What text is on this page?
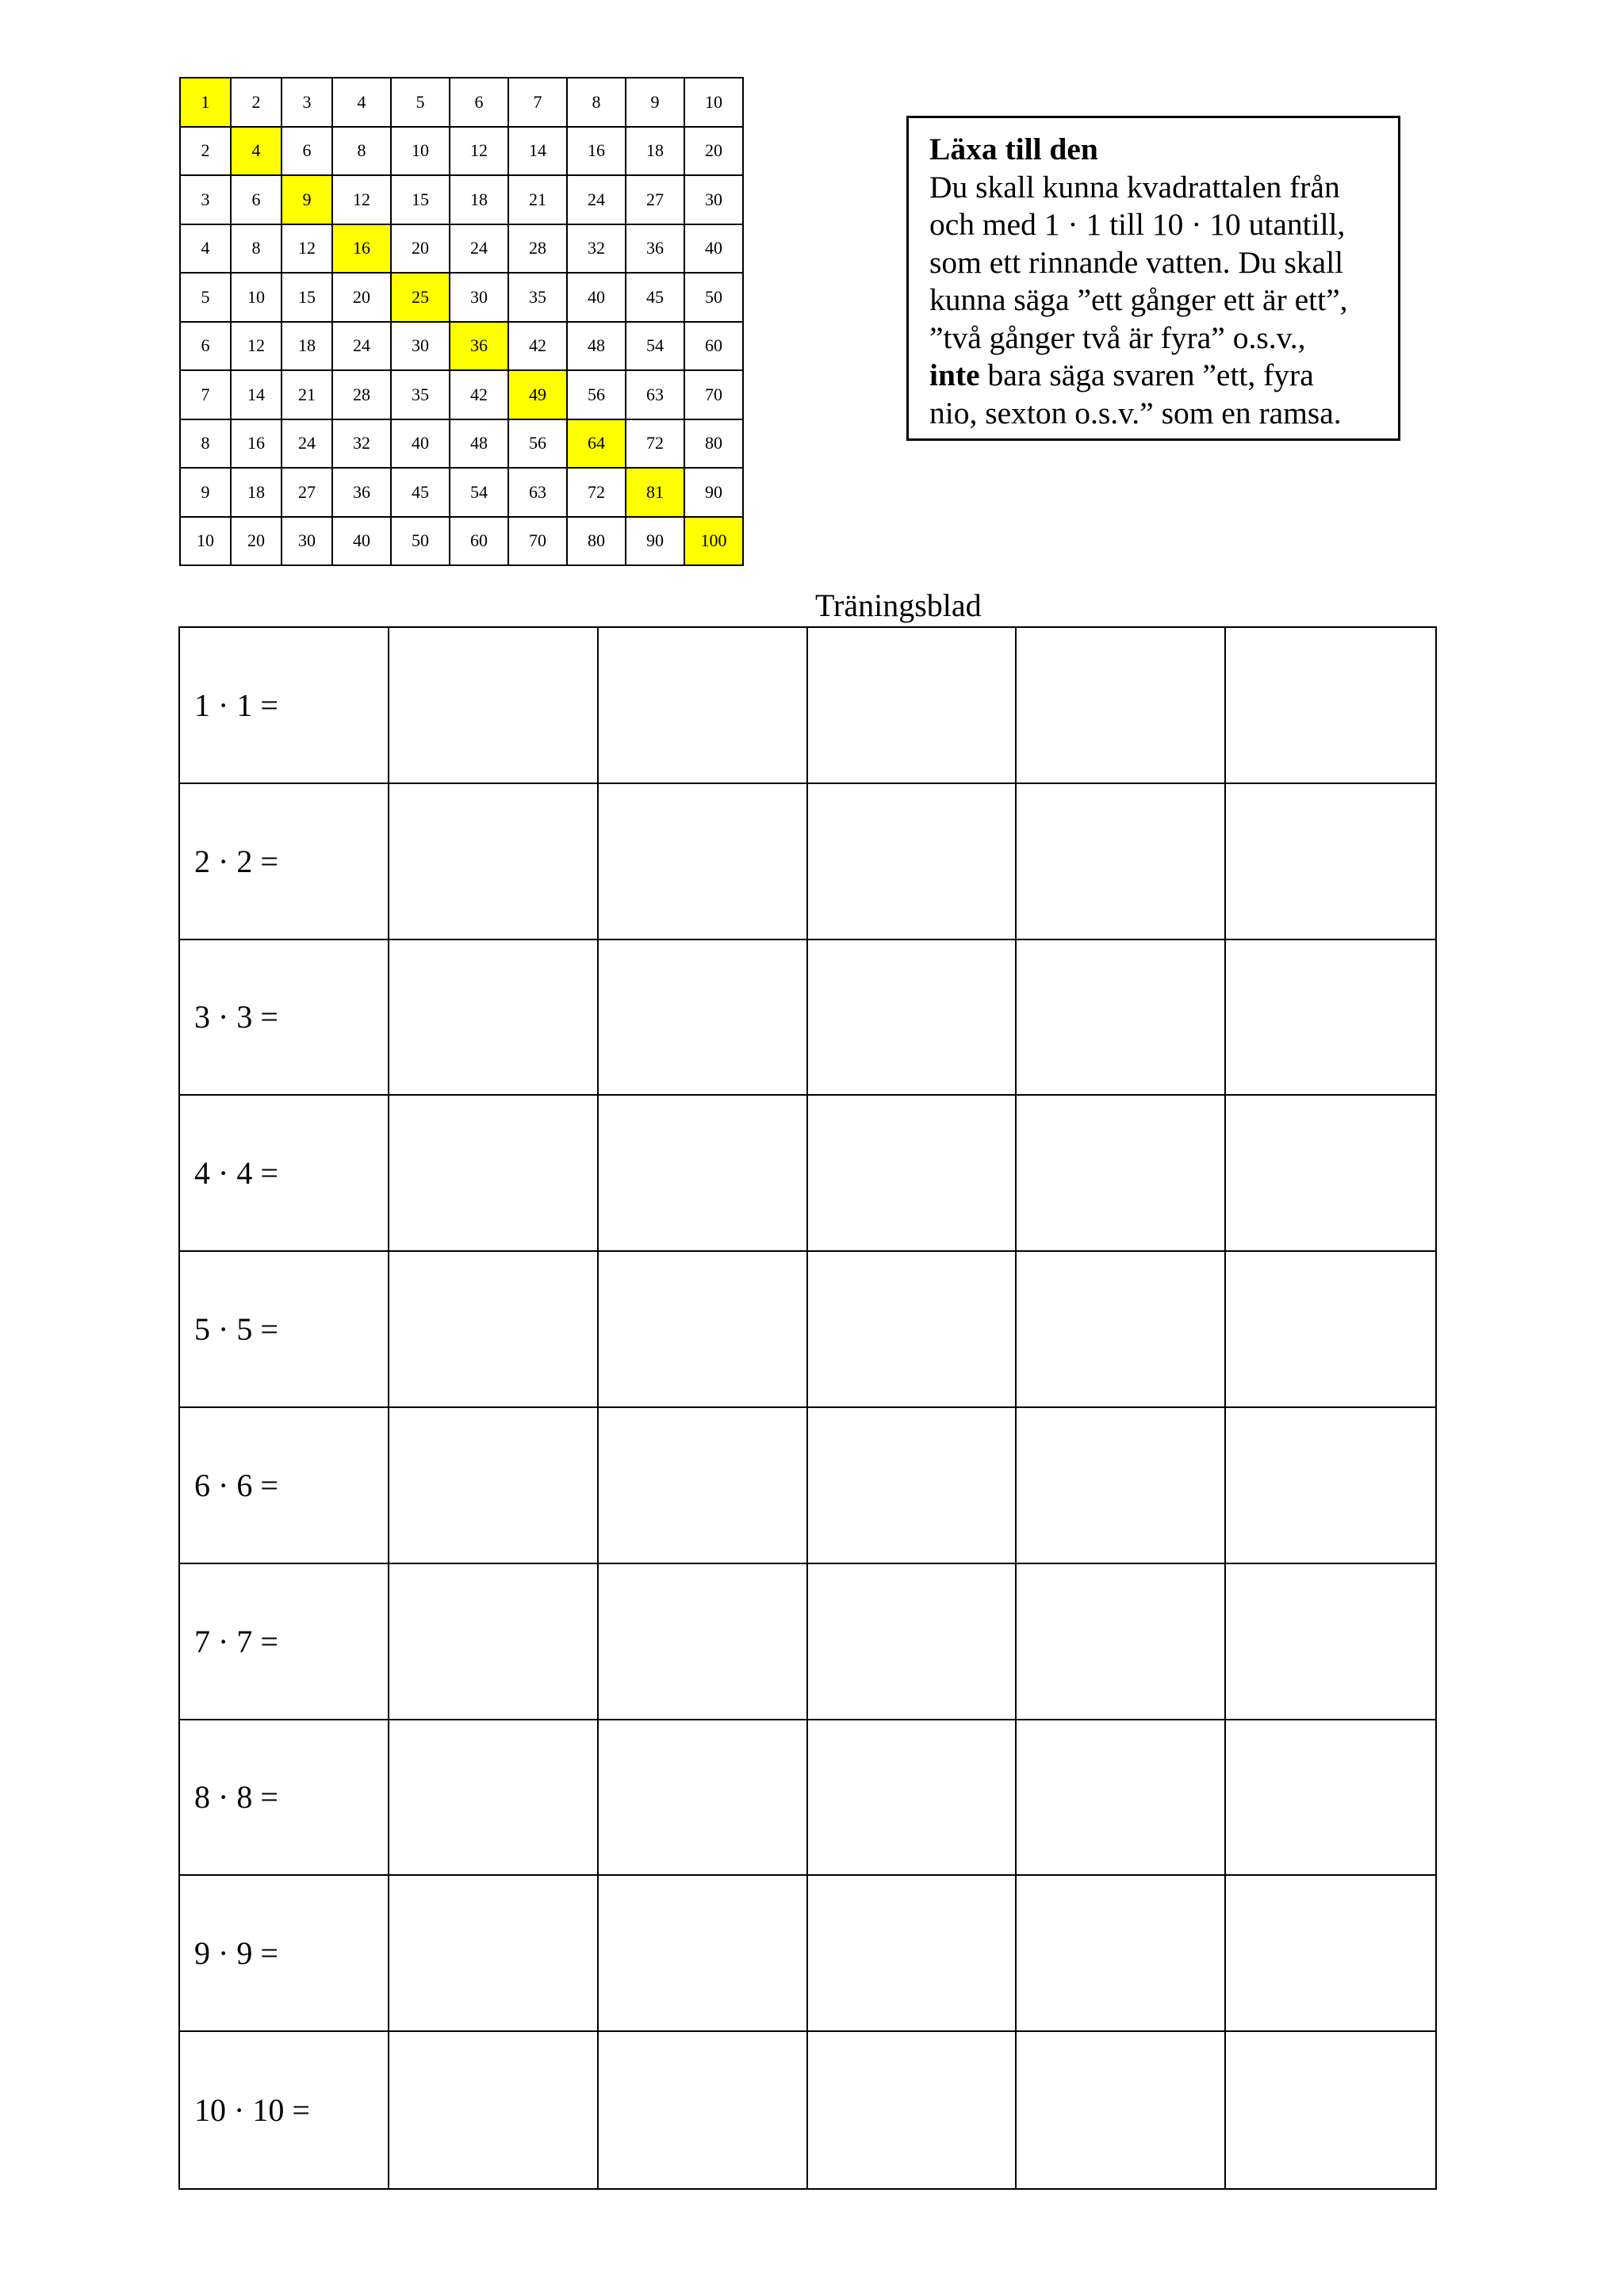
1	2	3	4	5	6	7	8	9	10
2	4	6	8	10	12	14	16	18	20
3	6	9	12	15	18	21	24	27	30
4	8	12	16	20	24	28	32	36	40
5	10	15	20	25	30	35	40	45	50
6	12	18	24	30	36	42	48	54	60
7	14	21	28	35	42	49	56	63	70
8	16	24	32	40	48	56	64	72	80
9	18	27	36	45	54	63	72	81	90
10	20	30	40	50	60	70	80	90	100
Läxa till den
Du skall kunna kvadrattalen från
och med 1 · 1 till 10 · 10 utantill,
som ett rinnande vatten. Du skall
kunna säga ”ett gånger ett är ett”,
”två gånger två är fyra” o.s.v.,
inte bara säga svaren ”ett, fyra
nio, sexton o.s.v.” som en ramsa.
Träningsblad
1 · 1 =
2 · 2 =
3 · 3 =
4 · 4 =
5 · 5 =
6 · 6 =
7 · 7 =
8 · 8 =
9 · 9 =
10 · 10 =
